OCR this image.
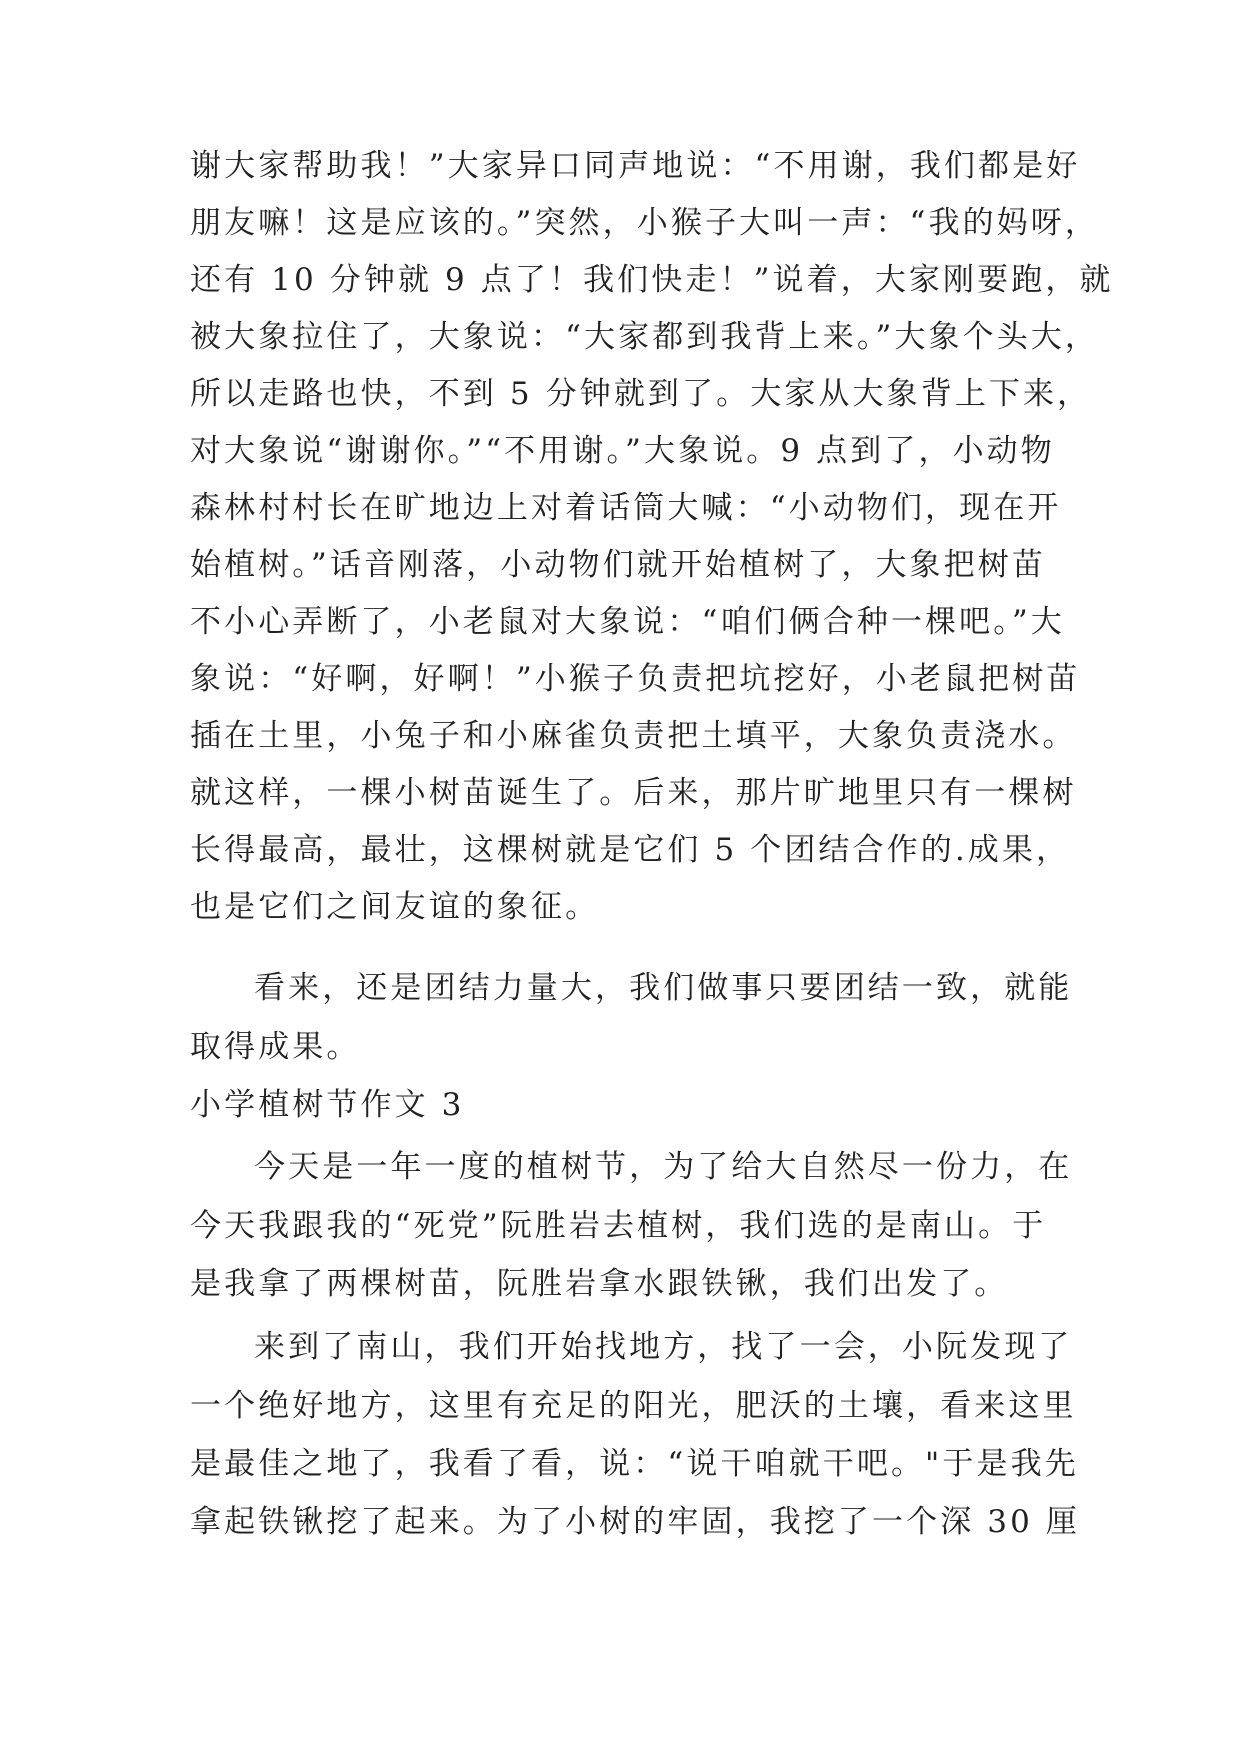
谢大家帮助我！”大家异口同声地说：“不用谢，我们都是好
朋友嘛！这是应该的。”突然，小猴子大叫一声：“我的妈呀，
还有 10 分钟就 9 点了！我们快走！”说着，大家刚要跑，就
被大象拉住了，大象说：“大家都到我背上来。”大象个头大，
所以走路也快，不到 5 分钟就到了。大家从大象背上下来，
对大象说“谢谢你。”“不用谢。”大象说。9 点到了，小动物
森林村村长在旷地边上对着话筒大喊：“小动物们，现在开
始植树。”话音刚落，小动物们就开始植树了，大象把树苗
不小心弄断了，小老鼠对大象说：“咱们俩合种一棵吧。”大
象说：“好啊，好啊！”小猴子负责把坑挖好，小老鼠把树苗
插在土里，小兔子和小麻雀负责把土填平，大象负责浇水。
就这样，一棵小树苗诞生了。后来，那片旷地里只有一棵树
长得最高，最壮，这棵树就是它们 5 个团结合作的.成果，
也是它们之间友谊的象征。
看来，还是团结力量大，我们做事只要团结一致，就能
取得成果。
小学植树节作文 3
今天是一年一度的植树节，为了给大自然尽一份力，在
今天我跟我的“死党”阮胜岩去植树，我们选的是南山。于
是我拿了两棵树苗，阮胜岩拿水跟铁锹，我们出发了。
来到了南山，我们开始找地方，找了一会，小阮发现了
一个绝好地方，这里有充足的阳光，肥沃的土壤，看来这里
是最佳之地了，我看了看，说：“说干咱就干吧。"于是我先
拿起铁锹挖了起来。为了小树的牢固，我挖了一个深 30 厘
